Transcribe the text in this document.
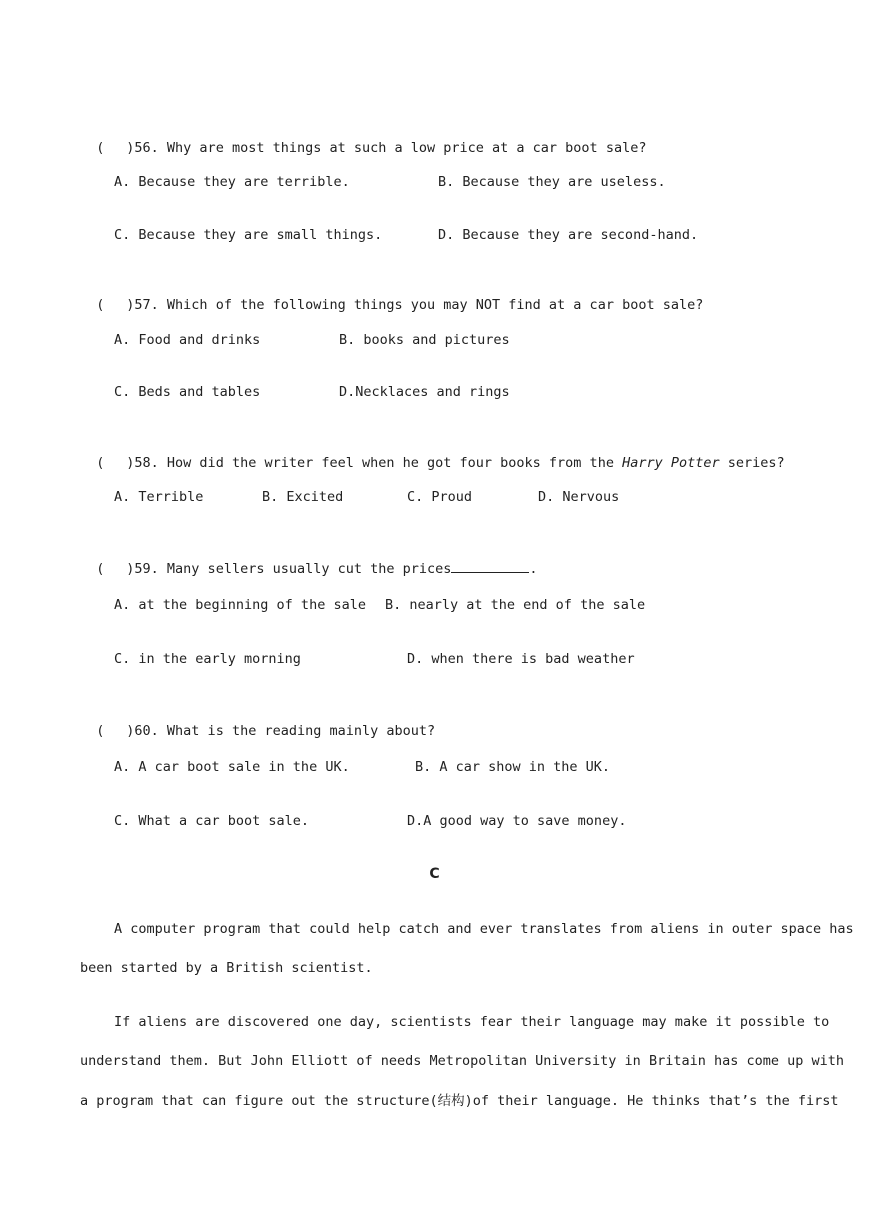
( )56. Why are most things at such a low price at a car boot sale?

A. Because they are terrible.	B. Because they are useless.
C. Because they are small things.	D. Because they are second-hand.

( )57. Which of the following things you may NOT find at a car boot sale?

A. Food and drinks	B. books and pictures
C. Beds and tables	D.Necklaces and rings

( )58. How did the writer feel when he got four books from the Harry Potter series?

A. Terrible	B. Excited	C. Proud	D. Nervous

( )59. Many sellers usually cut the prices	.

A. at the beginning of the sale B. nearly at the end of the sale
C. in the early morning	D. when there is bad weather

( )60. What is the reading mainly about?

A. A car boot sale in the UK.	B. A car show in the UK.
C. What a car boot sale.	D.A good way to save money.
C
A computer program that could help catch and ever translates from aliens in outer space has
been started by a British scientist.
If aliens are discovered one day, scientists fear their language may make it possible to
understand them. But John Elliott of needs Metropolitan University in Britain has come up with
a program that can figure out the structure(结构)of their language. He thinks that’s the first
